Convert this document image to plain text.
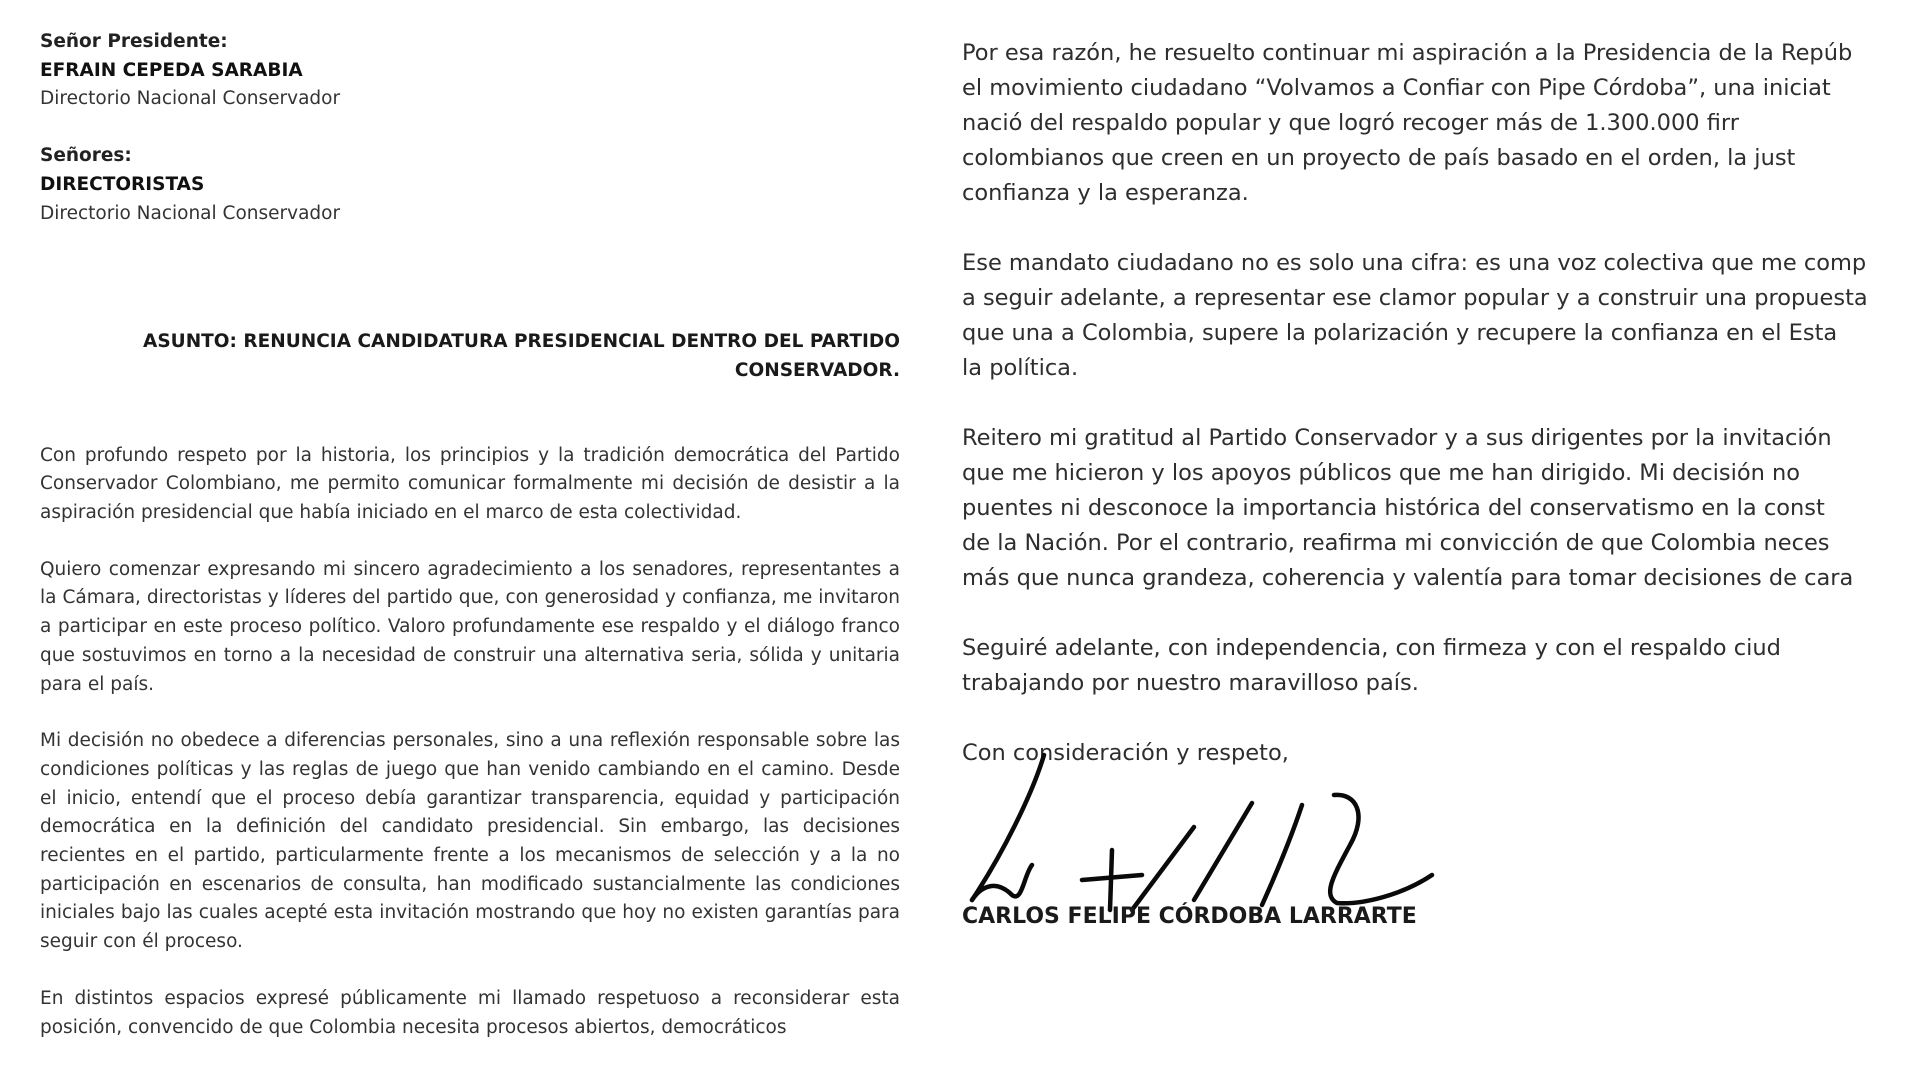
Señor Presidente:
EFRAIN CEPEDA SARABIA
Directorio Nacional Conservador
Señores:
DIRECTORISTAS
Directorio Nacional Conservador
ASUNTO: RENUNCIA CANDIDATURA PRESIDENCIAL DENTRO DEL PARTIDO
CONSERVADOR.

Con profundo respeto por la historia, los principios y la tradición democrática del Partido Conservador Colombiano, me permito comunicar formalmente mi decisión de desistir a la aspiración presidencial que había iniciado en el marco de esta colectividad.

Quiero comenzar expresando mi sincero agradecimiento a los senadores, representantes a la Cámara, directoristas y líderes del partido que, con generosidad y confianza, me invitaron a participar en este proceso político. Valoro profundamente ese respaldo y el diálogo franco que sostuvimos en torno a la necesidad de construir una alternativa seria, sólida y unitaria para el país.

Mi decisión no obedece a diferencias personales, sino a una reflexión responsable sobre las condiciones políticas y las reglas de juego que han venido cambiando en el camino. Desde el inicio, entendí que el proceso debía garantizar transparencia, equidad y participación democrática en la definición del candidato presidencial. Sin embargo, las decisiones recientes en el partido, particularmente frente a los mecanismos de selección y a la no participación en escenarios de consulta, han modificado sustancialmente las condiciones iniciales bajo las cuales acepté esta invitación mostrando que hoy no existen garantías para seguir con él proceso.

En distintos espacios expresé públicamente mi llamado respetuoso a reconsiderar esta posición, convencido de que Colombia necesita procesos abiertos, democráticos

Por esa razón, he resuelto continuar mi aspiración a la Presidencia de la Repúb
el movimiento ciudadano “Volvamos a Confiar con Pipe Córdoba”, una iniciat
nació del respaldo popular y que logró recoger más de 1.300.000 firr
colombianos que creen en un proyecto de país basado en el orden, la just
confianza y la esperanza.

Ese mandato ciudadano no es solo una cifra: es una voz colectiva que me comp
a seguir adelante, a representar ese clamor popular y a construir una propuesta
que una a Colombia, supere la polarización y recupere la confianza en el Esta
la política.

Reitero mi gratitud al Partido Conservador y a sus dirigentes por la invitación
que me hicieron y los apoyos públicos que me han dirigido. Mi decisión no
puentes ni desconoce la importancia histórica del conservatismo en la const
de la Nación. Por el contrario, reafirma mi convicción de que Colombia neces
más que nunca grandeza, coherencia y valentía para tomar decisiones de cara

Seguiré adelante, con independencia, con firmeza y con el respaldo ciud
trabajando por nuestro maravilloso país.

Con consideración y respeto,
CARLOS FELIPE CÓRDOBA LARRARTE
